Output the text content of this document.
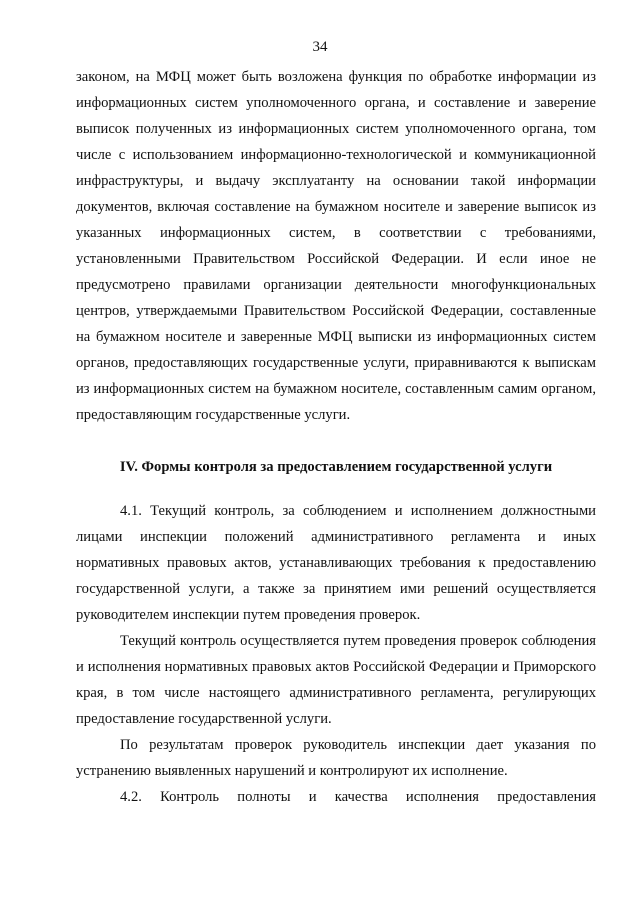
34

законом, на МФЦ может быть возложена функция по обработке информации из информационных систем уполномоченного органа, и составление и заверение выписок полученных из информационных систем уполномоченного органа, том числе с использованием информационно-технологической и коммуникационной инфраструктуры, и выдачу эксплуатанту на основании такой информации документов, включая составление на бумажном носителе и заверение выписок из указанных информационных систем, в соответствии с требованиями, установленными Правительством Российской Федерации. И если иное не предусмотрено правилами организации деятельности многофункциональных центров, утверждаемыми Правительством Российской Федерации, составленные на бумажном носителе и заверенные МФЦ выписки из информационных систем органов, предоставляющих государственные услуги, приравниваются к выпискам из информационных систем на бумажном носителе, составленным самим органом, предоставляющим государственные услуги.

IV. Формы контроля за предоставлением государственной услуги

4.1. Текущий контроль, за соблюдением и исполнением должностными лицами инспекции положений административного регламента и иных нормативных правовых актов, устанавливающих требования к предоставлению государственной услуги, а также за принятием ими решений осуществляется руководителем инспекции путем проведения проверок.

Текущий контроль осуществляется путем проведения проверок соблюдения и исполнения нормативных правовых актов Российской Федерации и Приморского края, в том числе настоящего административного регламента, регулирующих предоставление государственной услуги.

По результатам проверок руководитель инспекции дает указания по устранению выявленных нарушений и контролируют их исполнение.

4.2. Контроль полноты и качества исполнения предоставления
